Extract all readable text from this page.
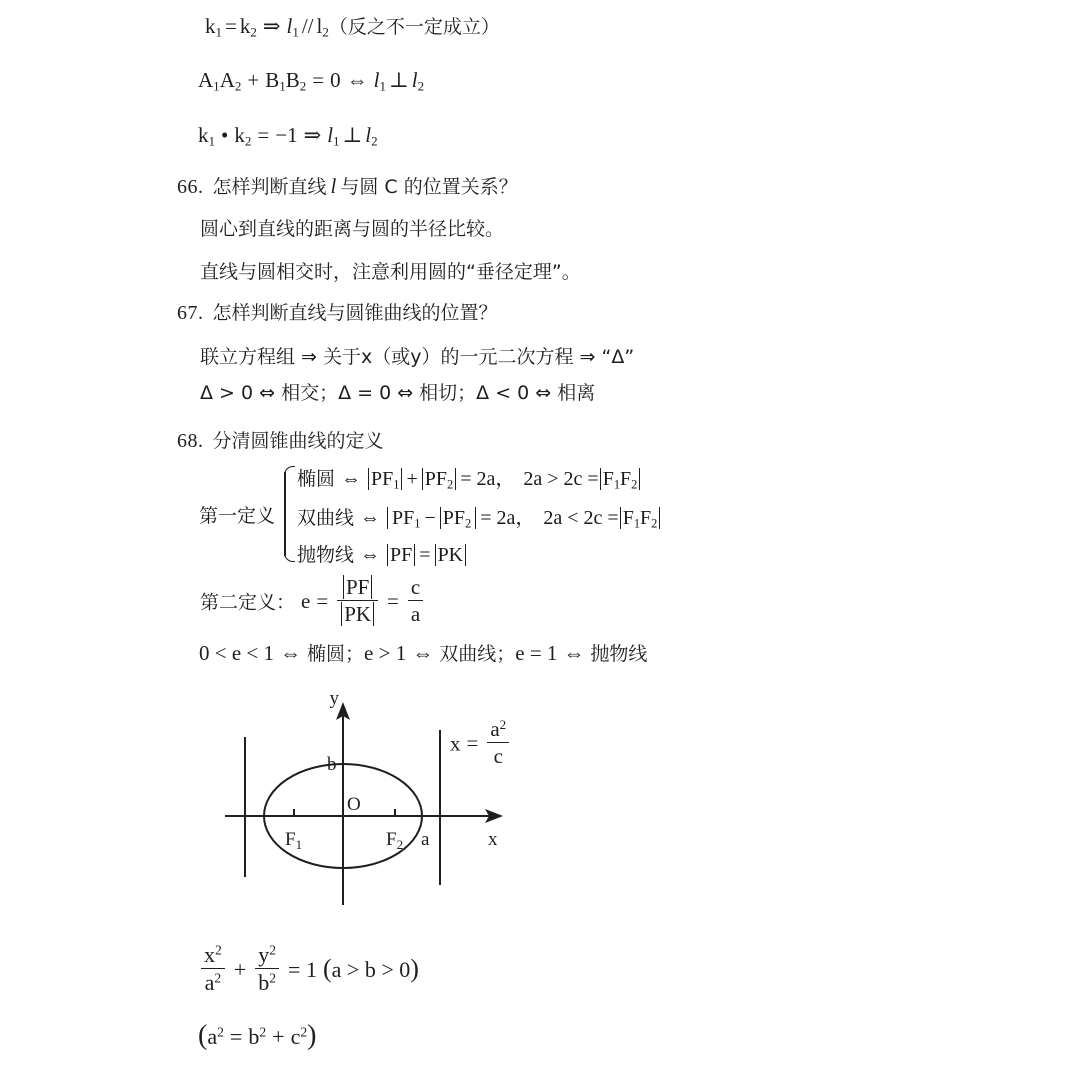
$k_1 = k_2$ ⇒ $l_1 // l_2$（反之不一定成立）
$A_1A_2 + B_1B_2 = 0$ ⇔ $l_1$ ⊥ $l_2$
$k_1$ • $k_2 = -1$ ⇒ $l_1$ ⊥ $l_2$
66. 怎样判断直线 l 与圆 C 的位置关系？
圆心到直线的距离与圆的半径比较。
直线与圆相交时，注意利用圆的“垂径定理”。
67. 怎样判断直线与圆锥曲线的位置？
联立方程组 ⇒ 关于x（或y）的一元二次方程 ⇒ “Δ”
Δ > 0 ⇔ 相交；Δ = 0 ⇔ 相切；Δ < 0 ⇔ 相离
68. 分清圆锥曲线的定义
第一定义
椭圆 ⇔ $PF_1 + PF_2 = 2a$， $2a > 2c = F_1F_2$
双曲线 ⇔ $PF_1 - PF_2 = 2a$， $2a < 2c = F_1F_2$
抛物线 ⇔ PF = PK
第二定义： $e = \frac{PF}{PK} = \frac{c}{a}$
0 < e < 1 ⇔ 椭圆；e > 1 ⇔ 双曲线；e = 1 ⇔ 抛物线
y
x
b
O
$F_1$	$F_2$ a
$x = \frac{a^2}{c}$
$\frac{x^2}{a^2} + \frac{y^2}{b^2} = 1$ (a > b > 0)
$(a^2 = b^2 + c^2)$
